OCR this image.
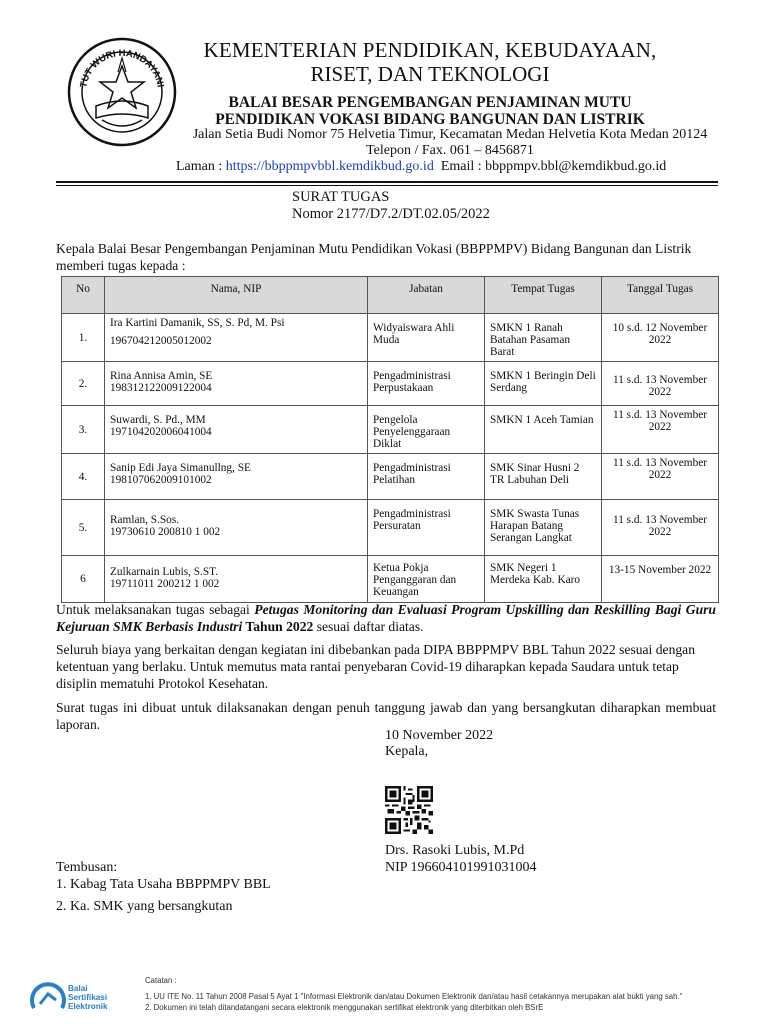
TUT WURI HANDAYANI
KEMENTERIAN PENDIDIKAN, KEBUDAYAAN,
RISET, DAN TEKNOLOGI
BALAI BESAR PENGEMBANGAN PENJAMINAN MUTU
PENDIDIKAN VOKASI BIDANG BANGUNAN DAN LISTRIK
Jalan Setia Budi Nomor 75 Helvetia Timur, Kecamatan Medan Helvetia Kota Medan 20124
Telepon / Fax. 061 – 8456871
Laman : https://bbppmpvbbl.kemdikbud.go.id  Email : bbppmpv.bbl@kemdikbud.go.id
SURAT TUGAS
Nomor 2177/D7.2/DT.02.05/2022
Kepala Balai Besar Pengembangan Penjaminan Mutu Pendidikan Vokasi (BBPPMPV) Bidang Bangunan dan Listrik memberi tugas kepada :
No	Nama, NIP	Jabatan	Tempat Tugas	Tanggal Tugas
1.	Ira Kartini Damanik, SS, S. Pd, M. Psi
196704212005012002	Widyaiswara Ahli Muda	SMKN 1 Ranah Batahan Pasaman Barat	10 s.d. 12 November 2022
2.	Rina Annisa Amin, SE
198312122009122004	Pengadministrasi Perpustakaan	SMKN 1 Beringin Deli Serdang	11 s.d. 13 November 2022
3.	Suwardi, S. Pd., MM
197104202006041004	Pengelola Penyelenggaraan Diklat	SMKN 1 Aceh Tamian	11 s.d. 13 November 2022
4.	Sanip Edi Jaya Simanullng, SE
198107062009101002	Pengadministrasi Pelatihan	SMK Sinar Husni 2 TR Labuhan Deli	11 s.d. 13 November 2022
5.	Ramlan, S.Sos.
19730610 200810 1 002	Pengadministrasi Persuratan	SMK Swasta Tunas Harapan Batang Serangan Langkat	11 s.d. 13 November 2022
6	Zulkarnain Lubis, S.ST.
19711011 200212 1 002	Ketua Pokja Penganggaran dan Keuangan	SMK Negeri 1 Merdeka Kab. Karo	13-15 November 2022
Untuk melaksanakan tugas sebagai Petugas Monitoring dan Evaluasi Program Upskilling dan Reskilling Bagi Guru Kejuruan SMK Berbasis Industri Tahun 2022 sesuai daftar diatas.
Seluruh biaya yang berkaitan dengan kegiatan ini dibebankan pada DIPA BBPPMPV BBL Tahun 2022 sesuai dengan ketentuan yang berlaku. Untuk memutus mata rantai penyebaran Covid-19 diharapkan kepada Saudara untuk tetap disiplin mematuhi Protokol Kesehatan.
Surat tugas ini dibuat untuk dilaksanakan dengan penuh tanggung jawab dan yang bersangkutan diharapkan membuat laporan.
10 November 2022
Kepala,
Drs. Rasoki Lubis, M.Pd
NIP 196604101991031004
Tembusan:
1. Kabag Tata Usaha BBPPMPV BBL
2. Ka. SMK yang bersangkutan
Balai
Sertifikasi
Elektronik
Catatan :
1. UU ITE No. 11 Tahun 2008 Pasal 5 Ayat 1 "Informasi Elektronik dan/atau Dokumen Elektronik dan/atau hasil cetakannya merupakan alat bukti yang sah."
2. Dokumen ini telah ditandatangani secara elektronik menggunakan sertifikat elektronik yang diterbitkan oleh BSrE
